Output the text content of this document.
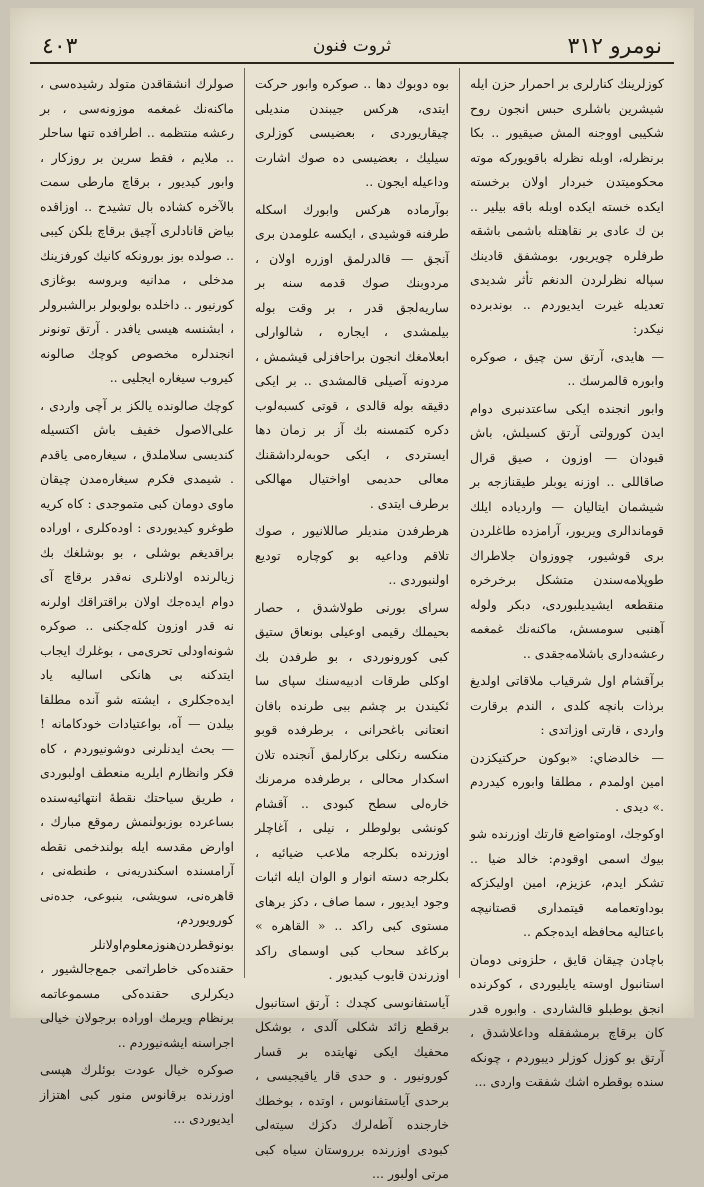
نومرو ٣١٢
ثروت فنون
٤٠٣

كوزلرينك كنارلرى بر احمرار حزن ايله شيشرين باشلرى حبس انجون روح شكيبى اووجنه المش صيقيور .. بكا برنظرله، اوبله نظرله باقويوركه موته محكوميتدن خبردار اولان برخسته ايكده خسته ايكده اوبله باقه بيلير .. بن ك عادى بر نقاهتله باشمى باشقه طرفلره چويريور، بومشفق قادينك سپاله نظرلردن الدنغم تأثر شديدى تعديله غيرت ايديوردم .. بوندبرده نيكدر:

— هايدى، آرتق سن چيق ، صوكره وابوره قالمرسك ..

وابور انجنده ايكى ساعتدنبرى دوام ايدن كورولتى آرتق كسيلش، باش قبودان — اوزون ، صيق قرال صاقاللى .. اوزنه يوبلر طيقنازجه بر شيشمان ايتاليان — واردياده ايلك قوماندالرى ويريور، آرامزده طاغلردن برى قوشيور، چووزوان جلاطراك طوپلامه‌سندن متشكل برخرخره منقطعه ايشيديلبوردى، دبكر ولوله آهنبى سومسش، ماكنه‌نك غمغمه رعشه‌دارى باشلامه‌جقدى ..

برآقشام اول شرقياب ملاقاتى اولديغ برذات بانچه كلدى ، الندم برقارت واردى ، قارتى اوزاتدى :

— خالدضاي: «بوكون حركتيكزدن امين اولمدم ، مطلقا وابوره كيدردم .» ديدى .

اوكوجك، اومتواضع قارتك اوزرنده شو بيوك اسمى اوقودم: خالد ضيا .. تشكر ايدم، عزيزم، امين اوليكزكه بوداوتعمامه قيتمدارى قصتانيچه باعتاليه محافظه ايده‌جكم ..

باچادن چيقان قايق ، حلزونى دومان استانبول اوسته يايليوردى ، كوكرنده انجق بوطبلو قالشاردى . وابوره قدر كان برقاچ برمشفقله وداعلاشدق ، آرتق بو كوزل كوزلر ديبوردم ، چونكه سنده بوقطره اشك شفقت واردى ...

بوه دوبوك دها .. صوكره وابور حركت ايتدى، هركس جيبندن منديلى چيقاريوردى ، بعضيسى كوزلرى سيليك ، بعضيسى ده صوك اشارت وداعيله ايجون ..

بوآرماده هركس وابورك اسكله طرفنه قوشيدى ، ايكسه علومدن برى آنجق — قالدرلمق اوزره اولان ، مردوبنك صوك قدمه سنه بر ساريه‌لجق قدر ، بر وقت بوله بيلمشدى ، ايجاره ، شالوارلى ابعلامغك انجون براحافزلى قيشمش ، مردونه آصيلى قالمشدى .. بر ايكى دقيقه بوله قالدى ، قوتى كسبه‌لوب دكره كتمسنه بك آز بر زمان دها ايستردى ، ايكى حوبه‌لرداشقنك معالى حديمى اواختيال مهالكى برطرف ايتدى .

هرطرفدن منديلر صاللانيور ، صوك تلاقم وداعيه بو كوچاره توديع اولنبوردى ..

سرای بورنى طولاشدق ، حصار بحيملك رقيمى اوعيلى بونعاق ستيق كبى كورونوردى ، بو طرفدن بك اوكلى طرقات ادبيه‌سنك سپای سا ئكيندن بر چشم ببى طرنده بافان انعتانى باغحرانى ، برطرفده قوبو منكسه رنكلى بركارلمق آنجنده تلان اسكدار محالى ، برطرفده مرمرنك خاره‌لى سطح كبودى .. آقشام كونشى بولوطلر ، نيلى ، آغاچلر اوزرنده بكلرجه ملاعب ضيائيه ، بكلرجه دسته انوار و الوان ايله اثبات وجود ايديور ، سما صاف ، دكز برهاى مستوى كبى راكد .. « القاهره » بركاغد سحاب كبى اوسماى راكد اوزرندن قايوب كيديور .

آياستفانوسى كچدك : آرتق استانبول برقطع زائد شكلى آلدى ، بوشكل محفيك ايكى نهايتده بر قسار كورونيور . و حدى قار ياقيجيسى ، برحدى آياستفانوس ، اوتده ، بوخطك خارجنده آطه‌لرك دكزك سيته‌لى كبودى اوزرنده برروستان سياه كبى مرتى اولبور ...

صولرك انشقاقدن متولد رشيده‌سى ، ماكنه‌نك غمغمه موزونه‌سى ، بر رعشه منتظمه .. اطرافده تنها ساحلر .. ملايم ، فقط سرين بر روزكار ، وابور كيديور ، برقاچ مارطى سمت بالآخره كشاده بال تشيدح .. اوزاقده بياض قانادلرى آچيق برقاچ بلكن كيبى .. صولده بوز بورونكه كانيك كورفزينك مدخلى ، مدانيه وبروسه بوغازى كورنيور .. داخلده بولوبولر برالشبرولر ، ابشنسه هيسى يافدر . آرتق تونونر انجندلره مخصوص كوچك صالونه كيروب سيغاره ايجليى ..

كوچك صالونده يالكز بر آچى واردى ، على‌الاصول خفيف باش اكتسيله كنديسى سلاملدق ، سيغاره‌مى ياقدم . شيمدى فكرم سيغاره‌مدن چيقان ماوى دومان كبى متموجدى : كاه كريه طوغرو كيديوردى : اوده‌كلرى ، اوراده براقديغم بوشلى ، بو بوشلغك بك زيالرنده اولانلرى نه‌قدر برقاچ آى دوام ايده‌جك اولان براقتراقك اولرنه نه قدر اوزون كله‌جكنى .. صوكره شونه‌اودلى تحرى‌مى ، بوغلرك ايجاب ايتدكنه بى هانكى اساليه ياد ايده‌جكلرى ، ايشته شو آنده مطلقا بيلدن — آه، بواعتيادات خودكامانه ! — بحث ايدنلرنى دوشونيوردم ، كاه فكر وانظارم ايلريه منعطف اولبوردى ، طريق سياحتك نقطهٔ انتهائيه‌سنده بساعرده بوزبولنمش رموقع مبارك ، اوارض مقدسه ايله بولندخمى نقطه آرامسنده اسكندريه‌نى ، طنطه‌نى ، قاهره‌نى، سويشى، بنبوعى، جده‌نى كورويوردم، بونوقطردن‌هنوز‌معلوم‌اولانلر حقنده‌كى خاطراتمى جمع‌جالشيور ، ديكرلرى حقنده‌كى مسموعاتمه برنظام ويرمك اوراده برجولان خيالى اجرا‌سنه ايشه‌نيوردم ..

صوكره خيال عودت بوئلرك هپسى اوزرنده برقانوس منور كبى اهتزاز ايديوردى ...
